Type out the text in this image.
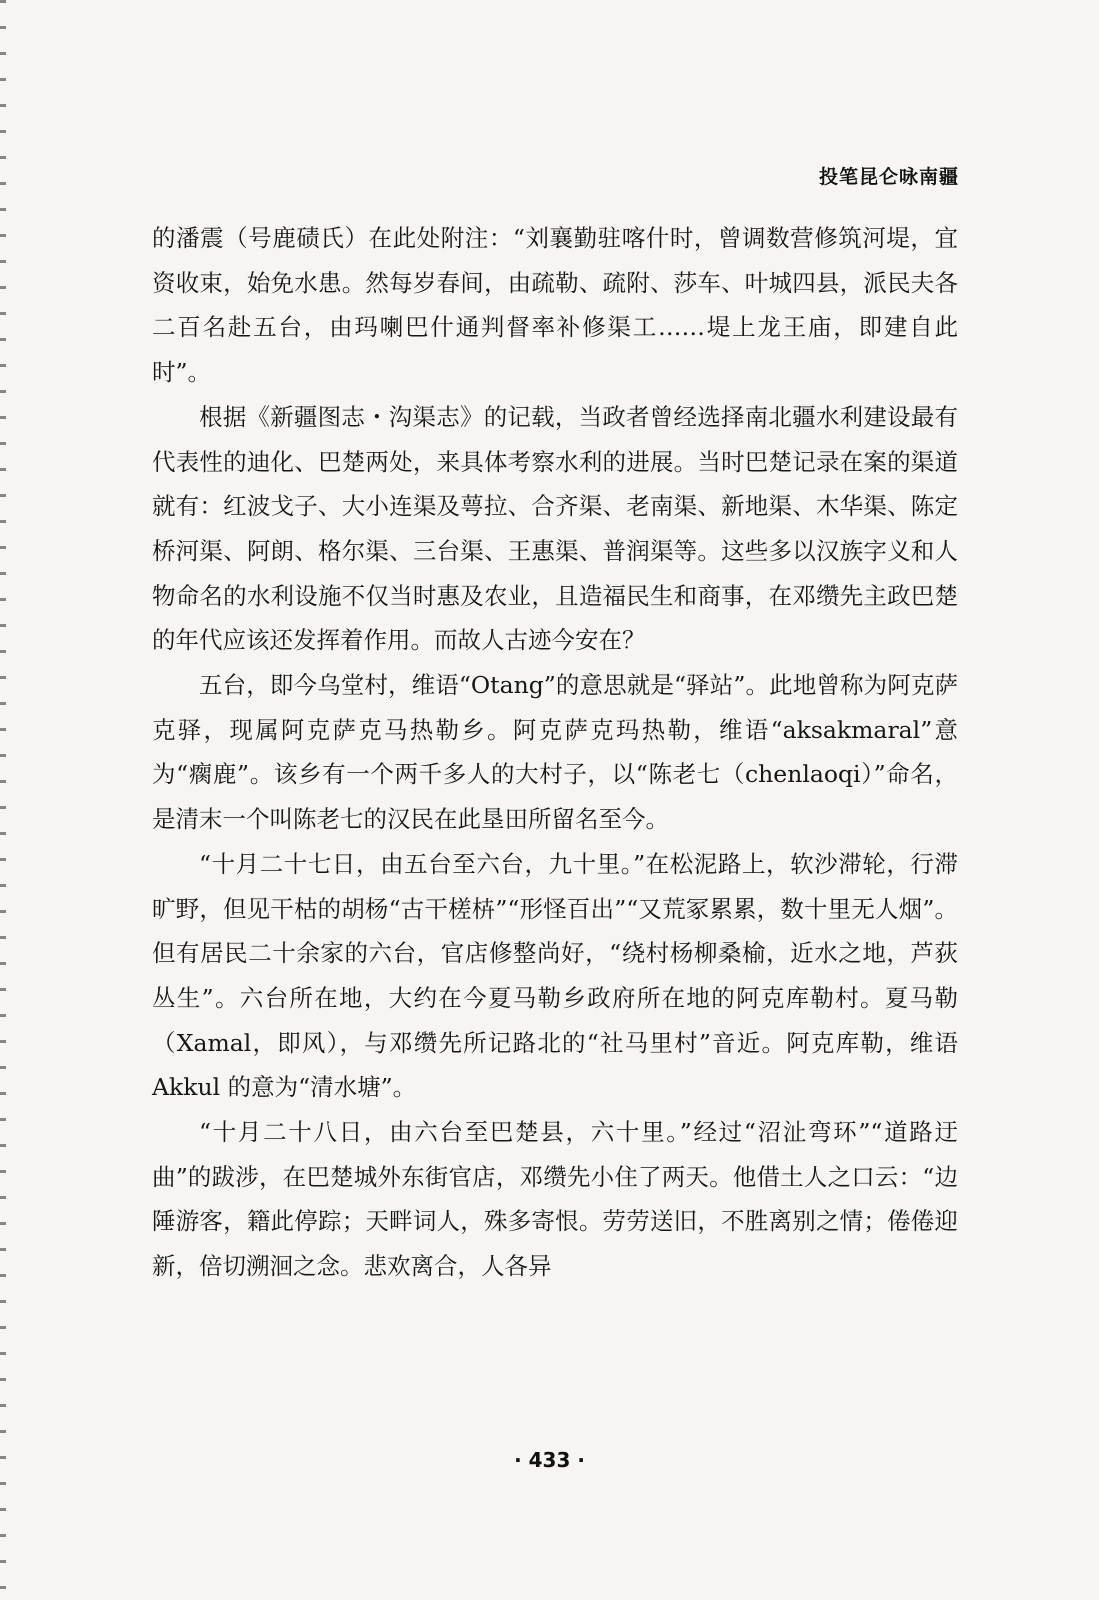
投笔昆仑咏南疆

的潘震（号鹿碛氏）在此处附注：“刘襄勤驻喀什时，曾调数营修筑河堤，宜资收束，始免水患。然每岁春间，由疏勒、疏附、莎车、叶城四县，派民夫各二百名赴五台，由玛喇巴什通判督率补修渠工……堤上龙王庙，即建自此时”。

根据《新疆图志・沟渠志》的记载，当政者曾经选择南北疆水利建设最有代表性的迪化、巴楚两处，来具体考察水利的进展。当时巴楚记录在案的渠道就有：红波戈子、大小连渠及萼拉、合齐渠、老南渠、新地渠、木华渠、陈定桥河渠、阿朗、格尔渠、三台渠、王惠渠、普润渠等。这些多以汉族字义和人物命名的水利设施不仅当时惠及农业，且造福民生和商事，在邓缵先主政巴楚的年代应该还发挥着作用。而故人古迹今安在？

五台，即今乌堂村，维语“Otang”的意思就是“驿站”。此地曾称为阿克萨克驿，现属阿克萨克马热勒乡。阿克萨克玛热勒，维语“aksakmaral”意为“瘸鹿”。该乡有一个两千多人的大村子，以“陈老七（chenlaoqi）”命名，是清末一个叫陈老七的汉民在此垦田所留名至今。

“十月二十七日，由五台至六台，九十里。”在松泥路上，软沙滞轮，行滞旷野，但见干枯的胡杨“古干槎枿”“形怪百出”“又荒冢累累，数十里无人烟”。但有居民二十余家的六台，官店修整尚好，“绕村杨柳桑榆，近水之地，芦荻丛生”。六台所在地，大约在今夏马勒乡政府所在地的阿克库勒村。夏马勒（Xamal，即风），与邓缵先所记路北的“社马里村”音近。阿克库勒，维语 Akkul 的意为“清水塘”。

“十月二十八日，由六台至巴楚县，六十里。”经过“沼沚弯环”“道路迂曲”的跋涉，在巴楚城外东街官店，邓缵先小住了两天。他借土人之口云：“边陲游客，籍此停踪；天畔词人，殊多寄恨。劳劳送旧，不胜离别之情；倦倦迎新，倍切溯洄之念。悲欢离合，人各异

· 433 ·
